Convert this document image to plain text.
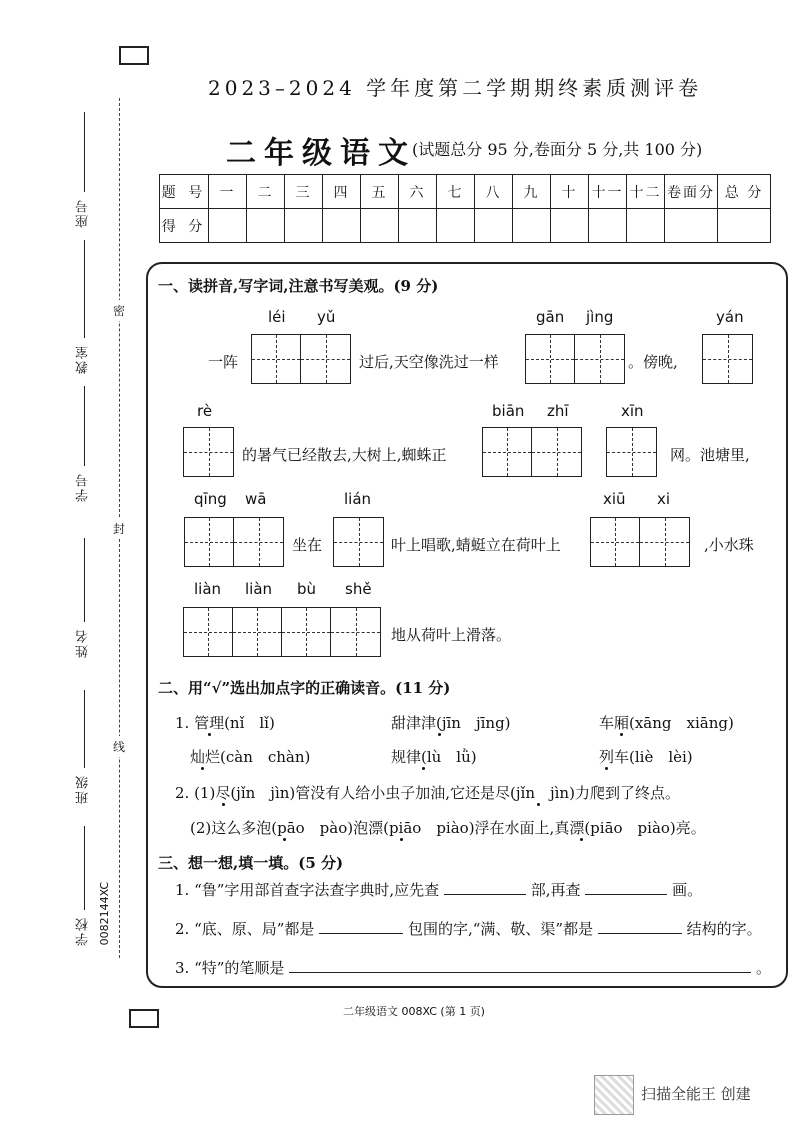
2023–2024 学年度第二学期期终素质测评卷
二年级语文
(试题总分 95 分,卷面分 5 分,共 100 分)
题 号	一	二	三	四	五	六	七	八	九	十	十一	十二	卷面分	总 分
得 分														
密
封
线
座号
教室
学号
姓名
班级
学校 0082144XC
一、读拼音,写字词,注意书写美观。(9 分)
léi yǔ	gān jìng	yán
一阵	过后,天空像洗过一样	。傍晚,
rè	biān zhī	xīn
的暑气已经散去,大树上,蜘蛛正	网。池塘里,
qīng wā	lián	xiū xi
坐在	叶上唱歌,蜻蜓立在荷叶上	,小水珠
liàn liàn bù shě
地从荷叶上滑落。
二、用“√”选出加点字的正确读音。(11 分)
1. 管理(nǐ　lǐ)	甜津津(jīn　jīng)	车厢(xāng　xiāng)
灿烂(càn　chàn)	规律(lù　lǜ)	列车(liè　lèi)
2. (1)尽(jǐn　jìn)管没有人给小虫子加油,它还是尽(jǐn　jìn)力爬到了终点。
(2)这么多泡(pāo　pào)泡漂(piāo　piào)浮在水面上,真漂(piāo　piào)亮。
三、想一想,填一填。(5 分)
1. “鲁”字用部首查字法查字典时,应先查	部,再查	画。
2. “底、原、局”都是	包围的字,“满、敬、渠”都是	结构的字。
3. “特”的笔顺是	。
二年级语文 008XC (第 1 页)
扫描全能王 创建
